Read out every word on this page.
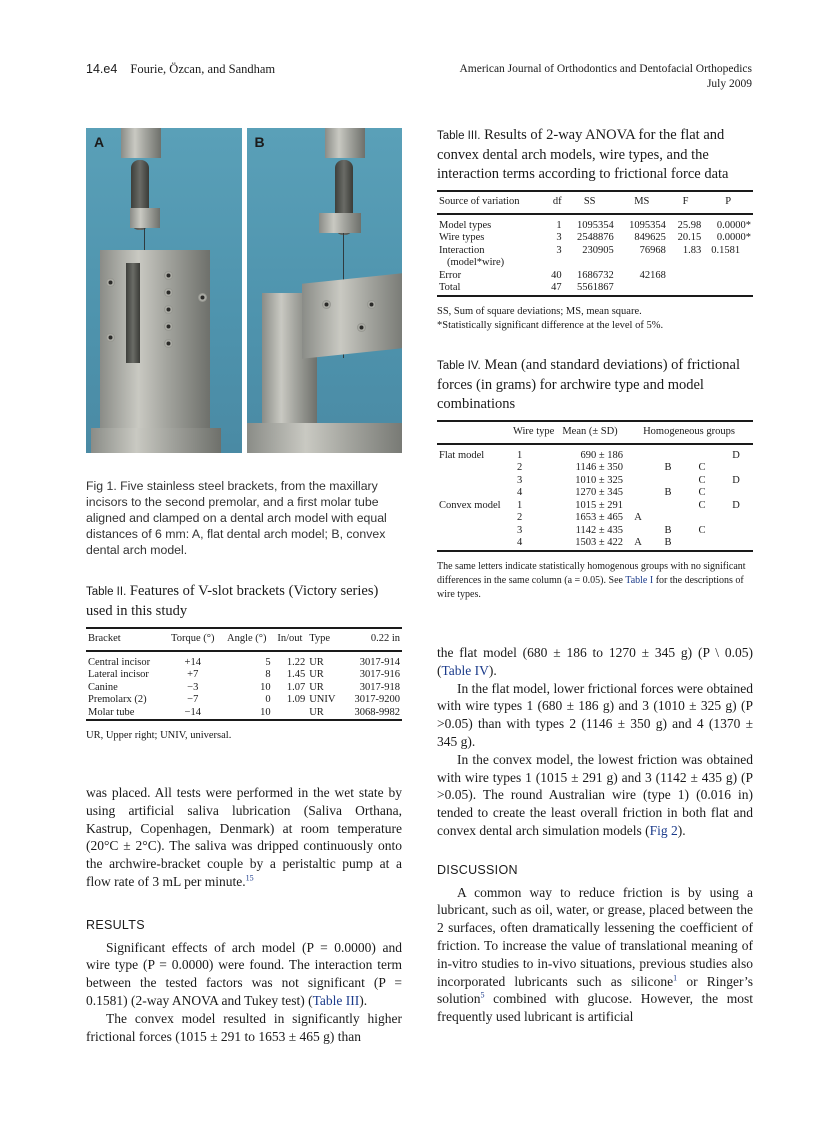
14.e4 Fourie, Özcan, and Sandham	American Journal of Orthodontics and Dentofacial Orthopedics
July 2009
A	B
Fig 1. Five stainless steel brackets, from the maxillary incisors to the second premolar, and a first molar tube aligned and clamped on a dental arch model with equal distances of 6 mm: A, flat dental arch model; B, convex dental arch model.
Table II. Features of V-slot brackets (Victory series) used in this study
Bracket	Torque (°)	Angle (°)	In/out	Type	0.22 in

Central incisor	+14	5	1.22	UR	3017-914
Lateral incisor	+7	8	1.45	UR	3017-916
Canine	−3	10	1.07	UR	3017-918
Premolarx (2)	−7	0	1.09	UNIV	3017-9200
Molar tube	−14	10		UR	3068-9982

UR, Upper right; UNIV, universal.

was placed. All tests were performed in the wet state by using artificial saliva lubrication (Saliva Orthana, Kastrup, Copenhagen, Denmark) at room temperature (20°C ± 2°C). The saliva was dripped continuously onto the archwire-bracket couple by a peristaltic pump at a flow rate of 3 mL per minute.$^{15}$

RESULTS

Significant effects of arch model (P = 0.0000) and wire type (P = 0.0000) were found. The interaction term between the tested factors was not significant (P = 0.1581) (2-way ANOVA and Tukey test) (Table III).

The convex model resulted in significantly higher frictional forces (1015 ± 291 to 1653 ± 465 g) than

Table III. Results of 2-way ANOVA for the flat and convex dental arch models, wire types, and the interaction terms according to frictional force data
Source of variation	df	SS	MS	F	P

Model types	1	1095354	1095354	25.98	0.0000*
Wire types	3	2548876	849625	20.15	0.0000*
Interaction	3	230905	76968	1.83	0.1581
(model*wire)					
Error	40	1686732	42168		
Total	47	5561867			

SS, Sum of square deviations; MS, mean square.
*Statistically significant difference at the level of 5%.
Table IV. Mean (and standard deviations) of frictional forces (in grams) for archwire type and model combinations
	Wire type	Mean (± SD)	Homogeneous groups			

Flat model	1	690 ± 186				D
	2	1146 ± 350		B	C	
	3	1010 ± 325			C	D
	4	1270 ± 345		B	C	
Convex model	1	1015 ± 291			C	D
	2	1653 ± 465	A			
	3	1142 ± 435		B	C	
	4	1503 ± 422	A	B		

The same letters indicate statistically homogenous groups with no significant differences in the same column (a = 0.05). See Table I for the descriptions of wire types.

the flat model (680 ± 186 to 1270 ± 345 g) (P \ 0.05) (Table IV).

In the flat model, lower frictional forces were obtained with wire types 1 (680 ± 186 g) and 3 (1010 ± 325 g) (P >0.05) than with types 2 (1146 ± 350 g) and 4 (1370 ± 345 g).

In the convex model, the lowest friction was obtained with wire types 1 (1015 ± 291 g) and 3 (1142 ± 435 g) (P >0.05). The round Australian wire (type 1) (0.016 in) tended to create the least overall friction in both flat and convex dental arch simulation models (Fig 2).

DISCUSSION

A common way to reduce friction is by using a lubricant, such as oil, water, or grease, placed between the 2 surfaces, often dramatically lessening the coefficient of friction. To increase the value of translational meaning of in-vitro studies to in-vivo situations, previous studies also incorporated lubricants such as silicone$^1$ or Ringer’s solution$^5$ combined with glucose. However, the most frequently used lubricant is artificial
